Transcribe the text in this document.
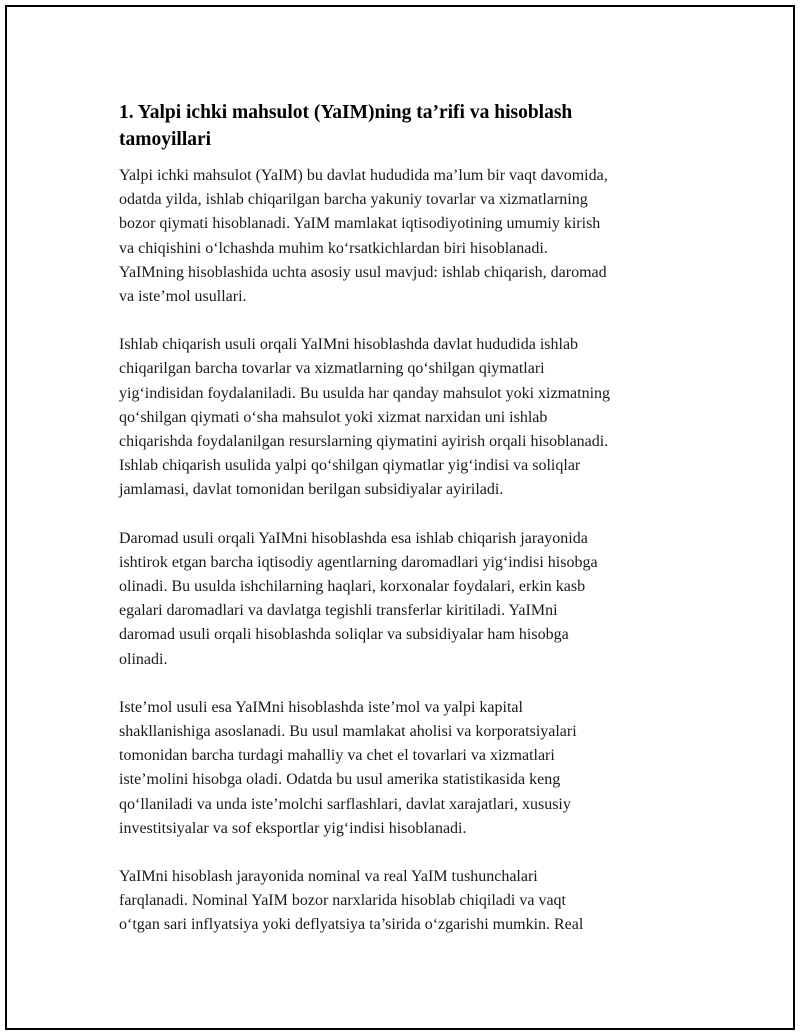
1. Yalpi ichki mahsulot (YaIM)ning ta’rifi va hisoblash
tamoyillari

Yalpi ichki mahsulot (YaIM) bu davlat hududida ma’lum bir vaqt davomida,
odatda yilda, ishlab chiqarilgan barcha yakuniy tovarlar va xizmatlarning
bozor qiymati hisoblanadi. YaIM mamlakat iqtisodiyotining umumiy kirish
va chiqishini o‘lchashda muhim ko‘rsatkichlardan biri hisoblanadi.
YaIMning hisoblashida uchta asosiy usul mavjud: ishlab chiqarish, daromad
va iste’mol usullari.

Ishlab chiqarish usuli orqali YaIMni hisoblashda davlat hududida ishlab
chiqarilgan barcha tovarlar va xizmatlarning qo‘shilgan qiymatlari
yig‘indisidan foydalaniladi. Bu usulda har qanday mahsulot yoki xizmatning
qo‘shilgan qiymati o‘sha mahsulot yoki xizmat narxidan uni ishlab
chiqarishda foydalanilgan resurslarning qiymatini ayirish orqali hisoblanadi.
Ishlab chiqarish usulida yalpi qo‘shilgan qiymatlar yig‘indisi va soliqlar
jamlamasi, davlat tomonidan berilgan subsidiyalar ayiriladi.

Daromad usuli orqali YaIMni hisoblashda esa ishlab chiqarish jarayonida
ishtirok etgan barcha iqtisodiy agentlarning daromadlari yig‘indisi hisobga
olinadi. Bu usulda ishchilarning haqlari, korxonalar foydalari, erkin kasb
egalari daromadlari va davlatga tegishli transferlar kiritiladi. YaIMni
daromad usuli orqali hisoblashda soliqlar va subsidiyalar ham hisobga
olinadi.

Iste’mol usuli esa YaIMni hisoblashda iste’mol va yalpi kapital
shakllanishiga asoslanadi. Bu usul mamlakat aholisi va korporatsiyalari
tomonidan barcha turdagi mahalliy va chet el tovarlari va xizmatlari
iste’molini hisobga oladi. Odatda bu usul amerika statistikasida keng
qo‘llaniladi va unda iste’molchi sarflashlari, davlat xarajatlari, xususiy
investitsiyalar va sof eksportlar yig‘indisi hisoblanadi.

YaIMni hisoblash jarayonida nominal va real YaIM tushunchalari
farqlanadi. Nominal YaIM bozor narxlarida hisoblab chiqiladi va vaqt
o‘tgan sari inflyatsiya yoki deflyatsiya ta’sirida o‘zgarishi mumkin. Real
